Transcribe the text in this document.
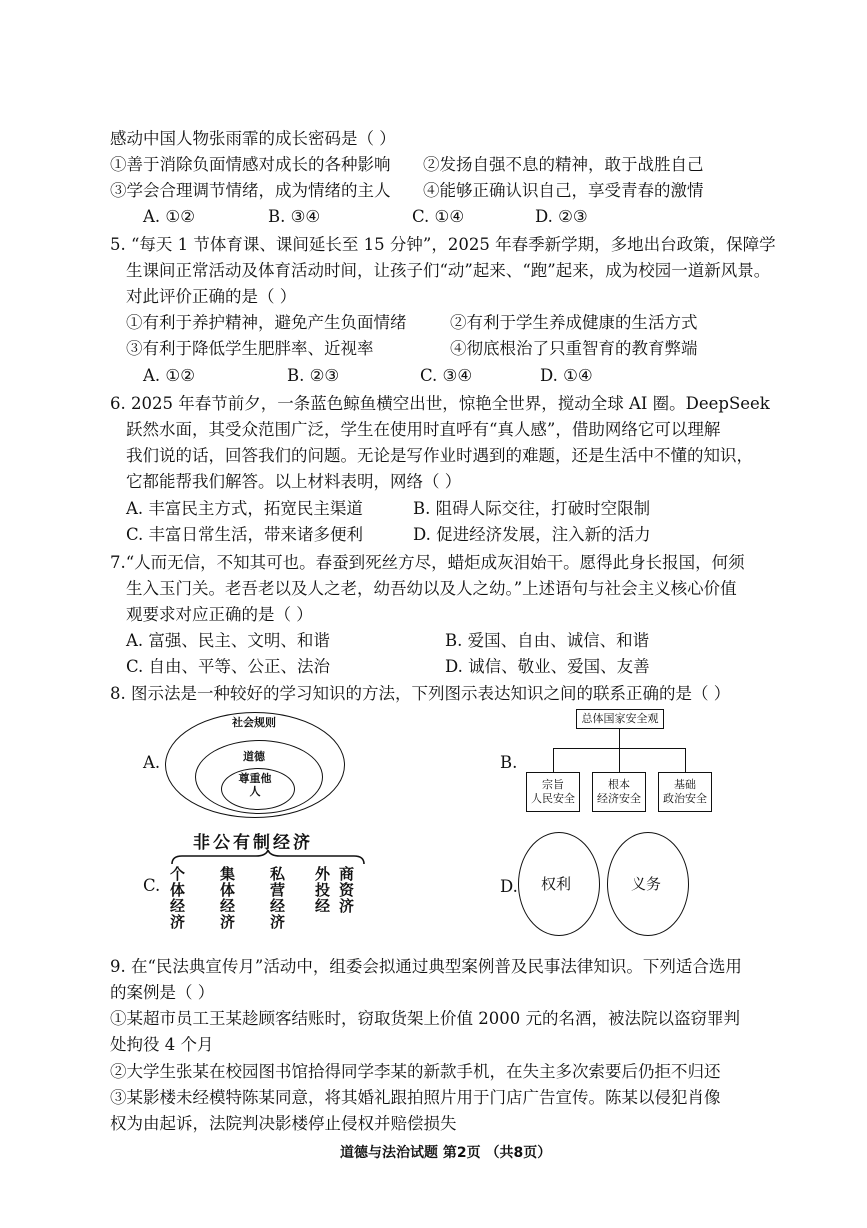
感动中国人物张雨霏的成长密码是（ ）
①善于消除负面情感对成长的各种影响 ②发扬自强不息的精神，敢于战胜自己
③学会合理调节情绪，成为情绪的主人 ④能够正确认识自己，享受青春的激情
A. ①②	B. ③④	C. ①④	D. ②③
5. “每天 1 节体育课、课间延长至 15 分钟”，2025 年春季新学期，多地出台政策，保障学
生课间正常活动及体育活动时间，让孩子们“动”起来、“跑”起来，成为校园一道新风景。
对此评价正确的是（ ）
①有利于养护精神，避免产生负面情绪	②有利于学生养成健康的生活方式
③有利于降低学生肥胖率、近视率	④彻底根治了只重智育的教育弊端
A. ①②	B. ②③	C. ③④	D. ①④
6. 2025 年春节前夕，一条蓝色鲸鱼横空出世，惊艳全世界，搅动全球 AI 圈。DeepSeek
跃然水面，其受众范围广泛，学生在使用时直呼有“真人感”，借助网络它可以理解
我们说的话，回答我们的问题。无论是写作业时遇到的难题，还是生活中不懂的知识，
它都能帮我们解答。以上材料表明，网络（ ）
A. 丰富民主方式，拓宽民主渠道	B. 阻碍人际交往，打破时空限制
C. 丰富日常生活，带来诸多便利	D. 促进经济发展，注入新的活力
7.“人而无信，不知其可也。春蚕到死丝方尽，蜡炬成灰泪始干。愿得此身长报国，何须
生入玉门关。老吾老以及人之老，幼吾幼以及人之幼。”上述语句与社会主义核心价值
观要求对应正确的是（ ）
A. 富强、民主、文明、和谐	B. 爱国、自由、诚信、和谐
C. 自由、平等、公正、法治	D. 诚信、敬业、爱国、友善
8. 图示法是一种较好的学习知识的方法，下列图示表达知识之间的联系正确的是（ ）
A.
社会规则
道德
尊重他人
B.
总体国家安全观
宗旨
人民安全
根本
经济安全
基础
政治安全
C.
非公有制经济
个
体
经
济
集
体
经
济
私
营
经
济
外 商
投 资
经 济
D. 权利	义务
9. 在“民法典宣传月”活动中，组委会拟通过典型案例普及民事法律知识。下列适合选用
的案例是（ ）
①某超市员工王某趁顾客结账时，窃取货架上价值 2000 元的名酒，被法院以盗窃罪判
处拘役 4 个月
②大学生张某在校园图书馆拾得同学李某的新款手机，在失主多次索要后仍拒不归还
③某影楼未经模特陈某同意，将其婚礼跟拍照片用于门店广告宣传。陈某以侵犯肖像
权为由起诉，法院判决影楼停止侵权并赔偿损失
道德与法治试题 第2页 （共8页）
